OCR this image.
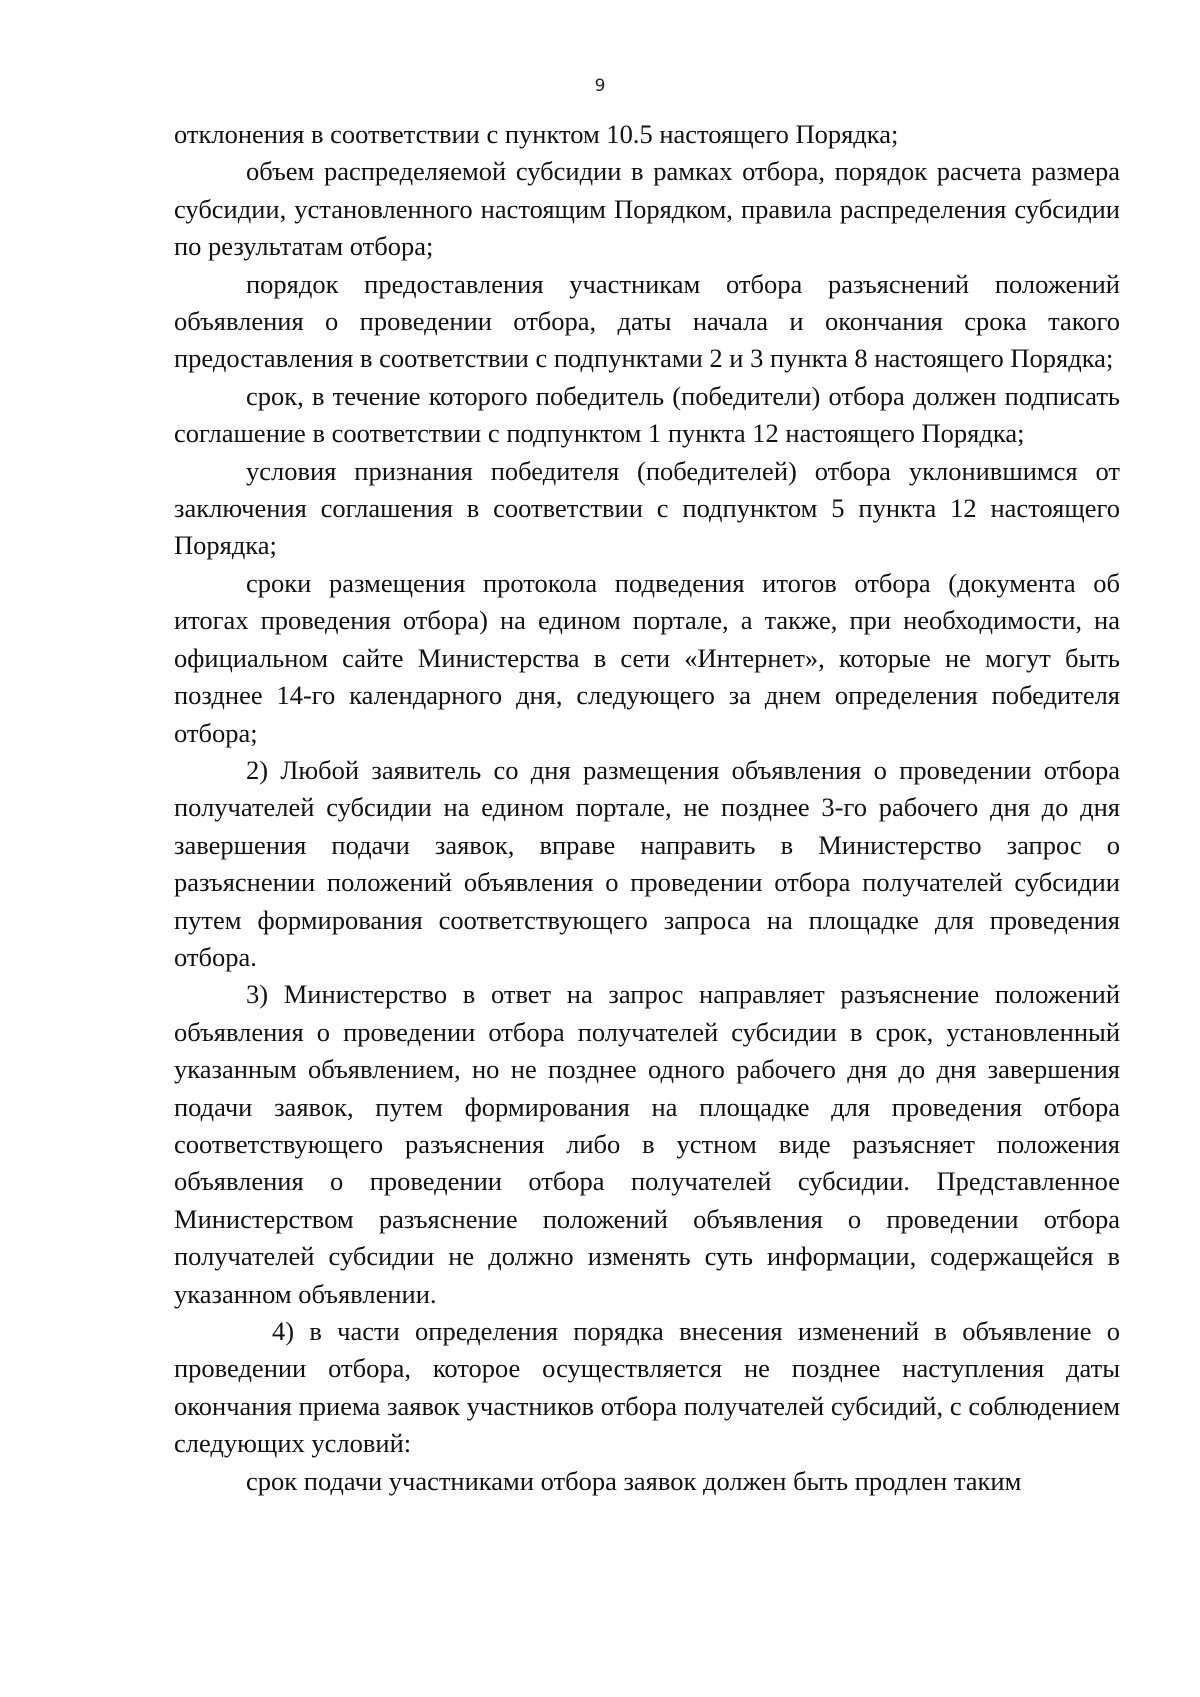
9

отклонения в соответствии с пунктом 10.5 настоящего Порядка;

объем распределяемой субсидии в рамках отбора, порядок расчета размера субсидии, установленного настоящим Порядком, правила распределения субсидии по результатам отбора;

порядок предоставления участникам отбора разъяснений положений объявления о проведении отбора, даты начала и окончания срока такого предоставления в соответствии с подпунктами 2 и 3 пункта 8 настоящего Порядка;

срок, в течение которого победитель (победители) отбора должен подписать соглашение в соответствии с подпунктом 1 пункта 12 настоящего Порядка;

условия признания победителя (победителей) отбора уклонившимся от заключения соглашения в соответствии с подпунктом 5 пункта 12 настоящего Порядка;

сроки размещения протокола подведения итогов отбора (документа об итогах проведения отбора) на едином портале, а также, при необходимости, на официальном сайте Министерства в сети «Интернет», которые не могут быть позднее 14-го календарного дня, следующего за днем определения победителя отбора;

2) Любой заявитель со дня размещения объявления о проведении отбора получателей субсидии на едином портале, не позднее 3-го рабочего дня до дня завершения подачи заявок, вправе направить в Министерство запрос о разъяснении положений объявления о проведении отбора получателей субсидии путем формирования соответствующего запроса на площадке для проведения отбора.

3) Министерство в ответ на запрос направляет разъяснение положений объявления о проведении отбора получателей субсидии в срок, установленный указанным объявлением, но не позднее одного рабочего дня до дня завершения подачи заявок, путем формирования на площадке для проведения отбора соответствующего разъяснения либо в устном виде разъясняет положения объявления о проведении отбора получателей субсидии. Представленное Министерством разъяснение положений объявления о проведении отбора получателей субсидии не должно изменять суть информации, содержащейся в указанном объявлении.

4) в части определения порядка внесения изменений в объявление о проведении отбора, которое осуществляется не позднее наступления даты окончания приема заявок участников отбора получателей субсидий, с соблюдением следующих условий:

срок подачи участниками отбора заявок должен быть продлен таким
